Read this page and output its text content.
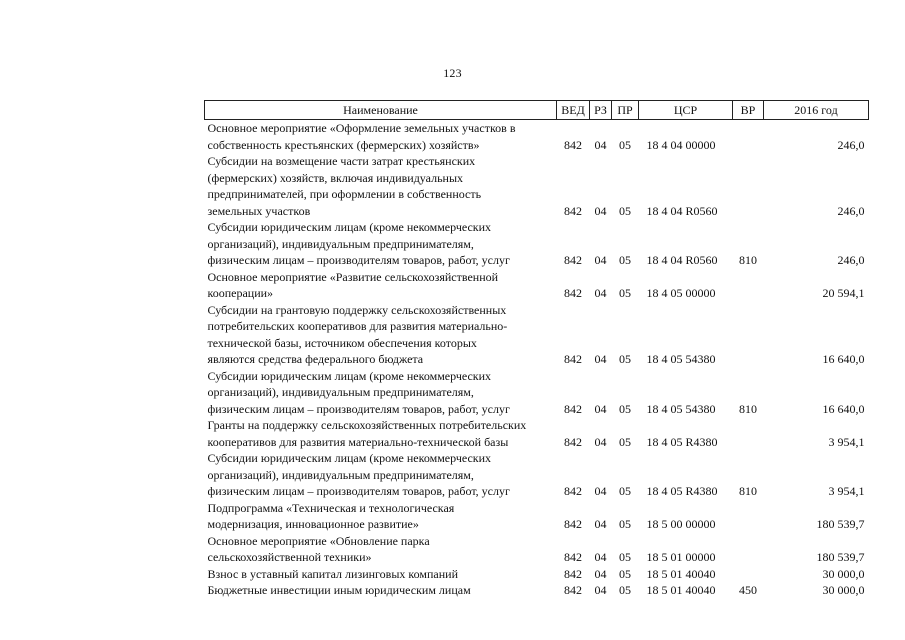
123
Наименование	ВЕД	РЗ	ПР	ЦСР	ВР	2016 год
Основное мероприятие «Оформление земельных участков в
собственность крестьянских (фермерских) хозяйств»	842	04	05	18 4 04 00000		246,0
Субсидии на возмещение части затрат крестьянских
(фермерских) хозяйств, включая индивидуальных
предпринимателей, при оформлении в собственность
земельных участков	842	04	05	18 4 04 R0560		246,0
Субсидии юридическим лицам (кроме некоммерческих
организаций), индивидуальным предпринимателям,
физическим лицам – производителям товаров, работ, услуг	842	04	05	18 4 04 R0560	810	246,0
Основное мероприятие «Развитие сельскохозяйственной
кооперации»	842	04	05	18 4 05 00000		20 594,1
Субсидии на грантовую поддержку сельскохозяйственных
потребительских кооперативов для развития материально-
технической базы, источником обеспечения которых
являются средства федерального бюджета	842	04	05	18 4 05 54380		16 640,0
Субсидии юридическим лицам (кроме некоммерческих
организаций), индивидуальным предпринимателям,
физическим лицам – производителям товаров, работ, услуг	842	04	05	18 4 05 54380	810	16 640,0
Гранты на поддержку сельскохозяйственных потребительских
кооперативов для развития материально-технической базы	842	04	05	18 4 05 R4380		3 954,1
Субсидии юридическим лицам (кроме некоммерческих
организаций), индивидуальным предпринимателям,
физическим лицам – производителям товаров, работ, услуг	842	04	05	18 4 05 R4380	810	3 954,1
Подпрограмма «Техническая и технологическая
модернизация, инновационное развитие»	842	04	05	18 5 00 00000		180 539,7
Основное мероприятие «Обновление парка
сельскохозяйственной техники»	842	04	05	18 5 01 00000		180 539,7
Взнос в уставный капитал лизинговых компаний	842	04	05	18 5 01 40040		30 000,0
Бюджетные инвестиции иным юридическим лицам	842	04	05	18 5 01 40040	450	30 000,0
